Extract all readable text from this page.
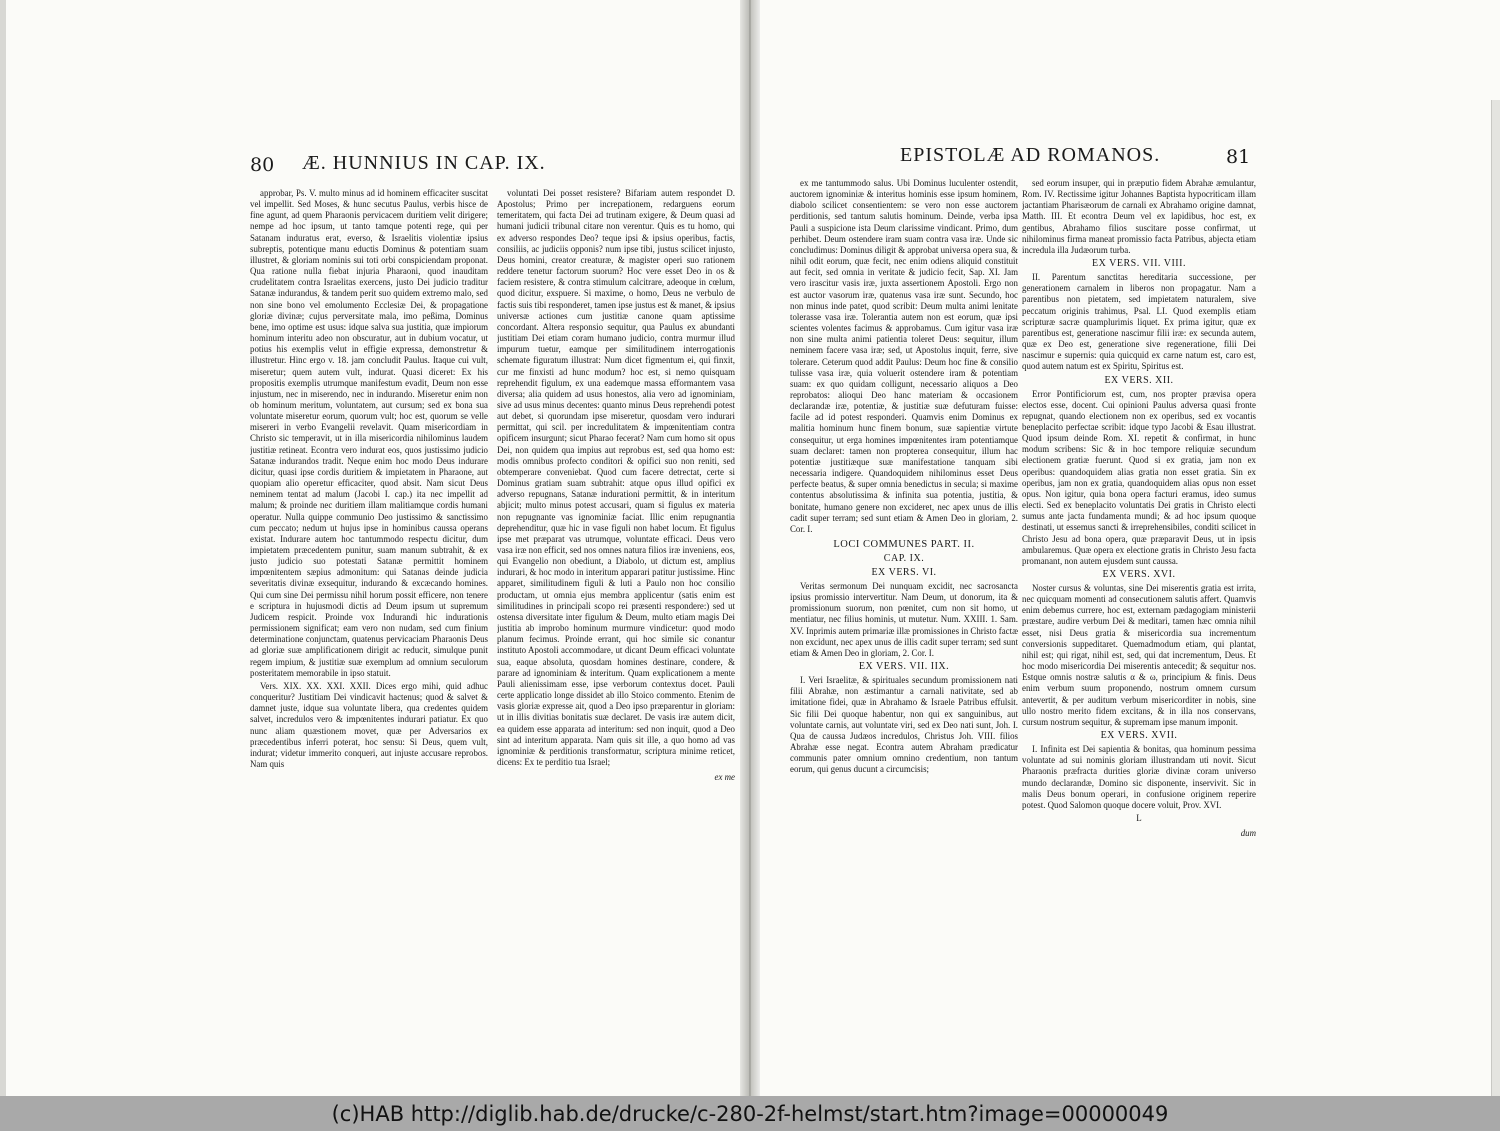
80 Æ. HUNNIUS IN CAP. IX.	EPISTOLÆ AD ROMANOS.	81

approbar, Ps. V. multo minus ad id hominem efficaciter suscitat vel impellit. Sed Moses, & hunc secutus Paulus, verbis hisce de fine agunt, ad quem Pharaonis pervicacem duritiem velit dirigere; nempe ad hoc ipsum, ut tanto tamque potenti rege, qui per Satanam induratus erat, everso, & Israelitis violentiæ ipsius subreptis, potentique manu eductis Dominus & potentiam suam illustret, & gloriam nominis sui toti orbi conspiciendam proponat. Qua ratione nulla fiebat injuria Pharaoni, quod inauditam crudelitatem contra Israelitas exercens, justo Dei judicio traditur Satanæ indurandus, & tandem perit suo quidem extremo malo, sed non sine bono vel emolumento Ecclesiæ Dei, & propagatione gloriæ divinæ; cujus perversitate mala, imo peßima, Dominus bene, imo optime est usus: idque salva sua justitia, quæ impiorum hominum interitu adeo non obscuratur, aut in dubium vocatur, ut potius his exemplis velut in effigie expressa, demonstretur & illustretur. Hinc ergo v. 18. jam concludit Paulus. Itaque cui vult, miseretur; quem autem vult, indurat. Quasi diceret: Ex his propositis exemplis utrumque manifestum evadit, Deum non esse injustum, nec in miserendo, nec in indurando. Miseretur enim non ob hominum meritum, voluntatem, aut cursum; sed ex bona sua voluntate miseretur eorum, quorum vult; hoc est, quorum se velle misereri in verbo Evangelii revelavit. Quam misericordiam in Christo sic temperavit, ut in illa misericordia nihilominus laudem justitiæ retineat. Econtra vero indurat eos, quos justissimo judicio Satanæ indurandos tradit. Neque enim hoc modo Deus indurare dicitur, quasi ipse cordis duritiem & impietatem in Pharaone, aut quopiam alio operetur efficaciter, quod absit. Nam sicut Deus neminem tentat ad malum (Jacobi I. cap.) ita nec impellit ad malum; & proinde nec duritiem illam malitiamque cordis humani operatur. Nulla quippe communio Deo justissimo & sanctissimo cum peccato; nedum ut hujus ipse in hominibus caussa operans existat. Indurare autem hoc tantummodo respectu dicitur, dum impietatem præcedentem punitur, suam manum subtrahit, & ex justo judicio suo potestati Satanæ permittit hominem impœnitentem sæpius admonitum: qui Satanas deinde judicia severitatis divinæ exsequitur, indurando & excæcando homines. Qui cum sine Dei permissu nihil horum possit efficere, non tenere e scriptura in hujusmodi dictis ad Deum ipsum ut supremum Judicem respicit. Proinde vox Indurandi hic indurationis permissionem significat; eam vero non nudam, sed cum finium determinatione conjunctam, quatenus pervicaciam Pharaonis Deus ad gloriæ suæ amplificationem dirigit ac reducit, simulque punit regem impium, & justitiæ suæ exemplum ad omnium seculorum posteritatem memorabile in ipso statuit.

Vers. XIX. XX. XXI. XXII. Dices ergo mihi, quid adhuc conqueritur? Justitiam Dei vindicavit hactenus; quod & salvet & damnet juste, idque sua voluntate libera, qua credentes quidem salvet, incredulos vero & impœnitentes indurari patiatur. Ex quo nunc aliam quæstionem movet, quæ per Adversarios ex præcedentibus inferri poterat, hoc sensu: Si Deus, quem vult, indurat; videtur immerito conqueri, aut injuste accusare reprobos. Nam quis

voluntati Dei posset resistere? Bifariam autem respondet D. Apostolus; Primo per increpationem, redarguens eorum temeritatem, qui facta Dei ad trutinam exigere, & Deum quasi ad humani judicii tribunal citare non verentur. Quis es tu homo, qui ex adverso respondes Deo? teque ipsi & ipsius operibus, factis, consiliis, ac judiciis opponis? num ipse tibi, justus scilicet injusto, Deus homini, creator creaturæ, & magister operi suo rationem reddere tenetur factorum suorum? Hoc vere esset Deo in os & faciem resistere, & contra stimulum calcitrare, adeoque in cœlum, quod dicitur, exspuere. Si maxime, o homo, Deus ne verbulo de factis suis tibi responderet, tamen ipse justus est & manet, & ipsius universæ actiones cum justitiæ canone quam aptissime concordant. Altera responsio sequitur, qua Paulus ex abundanti justitiam Dei etiam coram humano judicio, contra murmur illud impurum tuetur, eamque per similitudinem interrogationis schemate figuratum illustrat: Num dicet figmentum ei, qui finxit, cur me finxisti ad hunc modum? hoc est, si nemo quisquam reprehendit figulum, ex una eademque massa efformantem vasa diversa; alia quidem ad usus honestos, alia vero ad ignominiam, sive ad usus minus decentes: quanto minus Deus reprehendi potest aut debet, si quorundam ipse miseretur, quosdam vero indurari permittat, qui scil. per incredulitatem & impœnitentiam contra opificem insurgunt; sicut Pharao fecerat? Nam cum homo sit opus Dei, non quidem qua impius aut reprobus est, sed qua homo est: modis omnibus profecto conditori & opifici suo non reniti, sed obtemperare conveniebat. Quod cum facere detrectat, certe si Dominus gratiam suam subtrahit: atque opus illud opifici ex adverso repugnans, Satanæ indurationi permittit, & in interitum abjicit; multo minus potest accusari, quam si figulus ex materia non repugnante vas ignominiæ faciat. Illic enim repugnantia deprehenditur, quæ hic in vase figuli non habet locum. Et figulus ipse met præparat vas utrumque, voluntate efficaci. Deus vero vasa iræ non efficit, sed nos omnes natura filios iræ inveniens, eos, qui Evangelio non obediunt, a Diabolo, ut dictum est, amplius indurari, & hoc modo in interitum apparari patitur justissime. Hinc apparet, similitudinem figuli & luti a Paulo non hoc consilio productam, ut omnia ejus membra applicentur (satis enim est similitudines in principali scopo rei præsenti respondere:) sed ut ostensa diversitate inter figulum & Deum, multo etiam magis Dei justitia ab improbo hominum murmure vindicetur: quod modo planum fecimus. Proinde errant, qui hoc simile sic conantur instituto Apostoli accommodare, ut dicant Deum efficaci voluntate sua, eaque absoluta, quosdam homines destinare, condere, & parare ad ignominiam & interitum. Quam explicationem a mente Pauli alienissimam esse, ipse verborum contextus docet. Pauli certe applicatio longe dissidet ab illo Stoico commento. Etenim de vasis gloriæ expresse ait, quod a Deo ipso præparentur in gloriam: ut in illis divitias bonitatis suæ declaret. De vasis iræ autem dicit, ea quidem esse apparata ad interitum: sed non inquit, quod a Deo sint ad interitum apparata. Nam quis sit ille, a quo homo ad vas ignominiæ & perditionis transformatur, scriptura minime reticet, dicens: Ex te perditio tua Israel;

ex me

ex me tantummodo salus. Ubi Dominus luculenter ostendit, auctorem ignominiæ & interitus hominis esse ipsum hominem, diabolo scilicet consentientem: se vero non esse auctorem perditionis, sed tantum salutis hominum. Deinde, verba ipsa Pauli a suspicione ista Deum clarissime vindicant. Primo, dum perhibet. Deum ostendere iram suam contra vasa iræ. Unde sic concludimus: Dominus diligit & approbat universa opera sua, & nihil odit eorum, quæ fecit, nec enim odiens aliquid constituit aut fecit, sed omnia in veritate & judicio fecit, Sap. XI. Jam vero irascitur vasis iræ, juxta assertionem Apostoli. Ergo non est auctor vasorum iræ, quatenus vasa iræ sunt. Secundo, hoc non minus inde patet, quod scribit: Deum multa animi lenitate tolerasse vasa iræ. Tolerantia autem non est eorum, quæ ipsi scientes volentes facimus & approbamus. Cum igitur vasa iræ non sine multa animi patientia toleret Deus: sequitur, illum neminem facere vasa iræ; sed, ut Apostolus inquit, ferre, sive tolerare. Ceterum quod addit Paulus: Deum hoc fine & consilio tulisse vasa iræ, quia voluerit ostendere iram & potentiam suam: ex quo quidam colligunt, necessario aliquos a Deo reprobatos: alioqui Deo hanc materiam & occasionem declarandæ iræ, potentiæ, & justitiæ suæ defuturam fuisse: facile ad id potest responderi. Quamvis enim Dominus ex malitia hominum hunc finem bonum, suæ sapientiæ virtute consequitur, ut erga homines impœnitentes iram potentiamque suam declaret: tamen non propterea consequitur, illum hac potentiæ justitiæque suæ manifestatione tanquam sibi necessaria indigere. Quandoquidem nihilominus esset Deus perfecte beatus, & super omnia benedictus in secula; si maxime contentus absolutissima & infinita sua potentia, justitia, & bonitate, humano genere non excideret, nec apex unus de illis cadit super terram; sed sunt etiam & Amen Deo in gloriam, 2. Cor. I.

LOCI COMMUNES PART. II.

CAP. IX.

EX VERS. VI.

Veritas sermonum Dei nunquam excidit, nec sacrosancta ipsius promissio intervertitur. Nam Deum, ut donorum, ita & promissionum suorum, non pœnitet, cum non sit homo, ut mentiatur, nec filius hominis, ut mutetur. Num. XXIII. 1. Sam. XV. Inprimis autem primariæ illæ promissiones in Christo factæ non excidunt, nec apex unus de illis cadit super terram; sed sunt etiam & Amen Deo in gloriam, 2. Cor. I.

EX VERS. VII. IIX.

I. Veri Israelitæ, & spirituales secundum promissionem nati filii Abrahæ, non æstimantur a carnali nativitate, sed ab imitatione fidei, quæ in Abrahamo & Israele Patribus effulsit. Sic filii Dei quoque habentur, non qui ex sanguinibus, aut voluntate carnis, aut voluntate viri, sed ex Deo nati sunt, Joh. I. Qua de caussa Judæos incredulos, Christus Joh. VIII. filios Abrahæ esse negat. Econtra autem Abraham prædicatur communis pater omnium omnino credentium, non tantum eorum, qui genus ducunt a circumcisis;

sed eorum insuper, qui in præputio fidem Abrahæ æmulantur, Rom. IV. Rectissime igitur Johannes Baptista hypocriticam illam jactantiam Pharisæorum de carnali ex Abrahamo origine damnat, Matth. III. Et econtra Deum vel ex lapidibus, hoc est, ex gentibus, Abrahamo filios suscitare posse confirmat, ut nihilominus firma maneat promissio facta Patribus, abjecta etiam incredula illa Judæorum turba.

EX VERS. VII. VIII.

II. Parentum sanctitas hereditaria successione, per generationem carnalem in liberos non propagatur. Nam a parentibus non pietatem, sed impietatem naturalem, sive peccatum originis trahimus, Psal. LI. Quod exemplis etiam scripturæ sacræ quamplurimis liquet. Ex prima igitur, quæ ex parentibus est, generatione nascimur filii iræ: ex secunda autem, quæ ex Deo est, generatione sive regeneratione, filii Dei nascimur e supernis: quia quicquid ex carne natum est, caro est, quod autem natum est ex Spiritu, Spiritus est.

EX VERS. XII.

Error Pontificiorum est, cum, nos propter prævisa opera electos esse, docent. Cui opinioni Paulus adversa quasi fronte repugnat, quando electionem non ex operibus, sed ex vocantis beneplacito perfectae scribit: idque typo Jacobi & Esau illustrat. Quod ipsum deinde Rom. XI. repetit & confirmat, in hunc modum scribens: Sic & in hoc tempore reliquiæ secundum electionem gratiæ fuerunt. Quod si ex gratia, jam non ex operibus: quandoquidem alias gratia non esset gratia. Sin ex operibus, jam non ex gratia, quandoquidem alias opus non esset opus. Non igitur, quia bona opera facturi eramus, ideo sumus electi. Sed ex beneplacito voluntatis Dei gratis in Christo electi sumus ante jacta fundamenta mundi; & ad hoc ipsum quoque destinati, ut essemus sancti & irreprehensibiles, conditi scilicet in Christo Jesu ad bona opera, quæ præparavit Deus, ut in ipsis ambularemus. Quæ opera ex electione gratis in Christo Jesu facta promanant, non autem ejusdem sunt caussa.

EX VERS. XVI.

Noster cursus & voluntas, sine Dei miserentis gratia est irrita, nec quicquam momenti ad consecutionem salutis affert. Quamvis enim debemus currere, hoc est, externam pædagogiam ministerii præstare, audire verbum Dei & meditari, tamen hæc omnia nihil esset, nisi Deus gratia & misericordia sua incrementum conversionis suppeditaret. Quemadmodum etiam, qui plantat, nihil est; qui rigat, nihil est, sed, qui dat incrementum, Deus. Et hoc modo misericordia Dei miserentis antecedit; & sequitur nos. Estque omnis nostræ salutis α & ω, principium & finis. Deus enim verbum suum proponendo, nostrum omnem cursum antevertit, & per auditum verbum misericorditer in nobis, sine ullo nostro merito fidem excitans, & in illa nos conservans, cursum nostrum sequitur, & supremam ipse manum imponit.

EX VERS. XVII.

I. Infinita est Dei sapientia & bonitas, qua hominum pessima voluntate ad sui nominis gloriam illustrandam uti novit. Sicut Pharaonis præfracta durities gloriæ divinæ coram universo mundo declarandæ, Domino sic disponente, inservivit. Sic in malis Deus bonum operari, in confusione originem reperire potest. Quod Salomon quoque docere voluit, Prov. XVI.

L

dum

(c)HAB http://diglib.hab.de/drucke/c-280-2f-helmst/start.htm?image=00000049
